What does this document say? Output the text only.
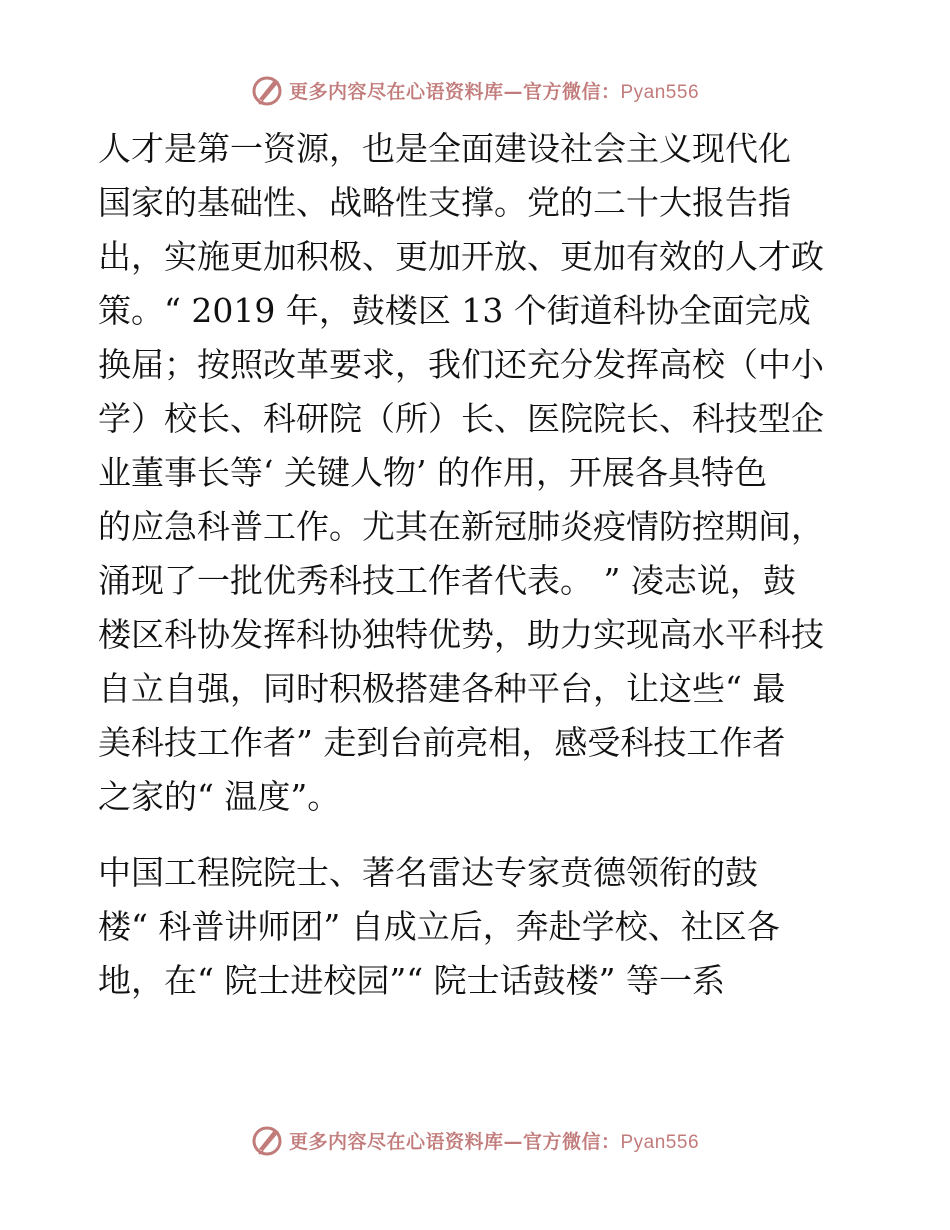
更多内容尽在心语资料库—官方微信：Pyan556
人才是第一资源，也是全面建设社会主义现代化
国家的基础性、战略性支撑。党的二十大报告指
出，实施更加积极、更加开放、更加有效的人才政
策。“ 2019 年，鼓楼区 13 个街道科协全面完成
换届；按照改革要求，我们还充分发挥高校（中小
学）校长、科研院（所）长、医院院长、科技型企
业董事长等‘ 关键人物’ 的作用，开展各具特色
的应急科普工作。尤其在新冠肺炎疫情防控期间，
涌现了一批优秀科技工作者代表。 ” 凌志说，鼓
楼区科协发挥科协独特优势，助力实现高水平科技
自立自强，同时积极搭建各种平台，让这些“ 最
美科技工作者” 走到台前亮相，感受科技工作者
之家的“ 温度”。
中国工程院院士、著名雷达专家贲德领衔的鼓
楼“ 科普讲师团” 自成立后，奔赴学校、社区各
地，在“ 院士进校园”“ 院士话鼓楼” 等一系
更多内容尽在心语资料库—官方微信：Pyan556
